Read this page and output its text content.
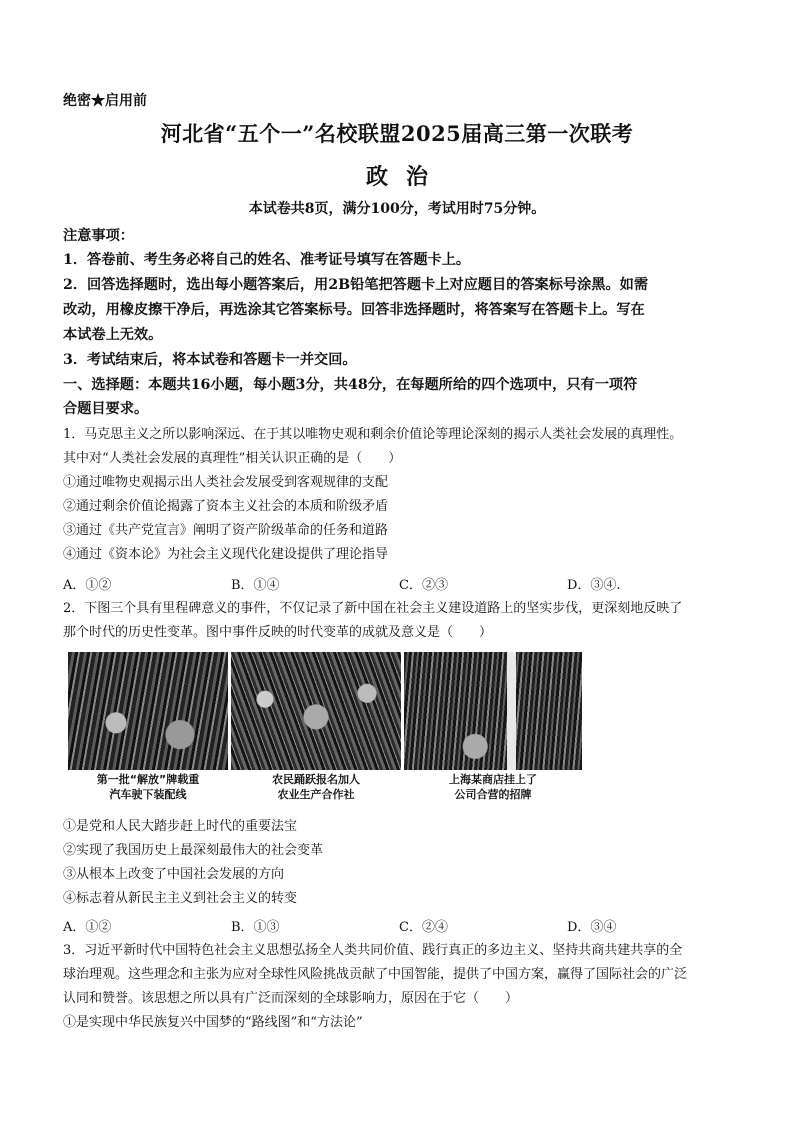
绝密★启用前
河北省“五个一”名校联盟2025届高三第一次联考
政治
本试卷共8页，满分100分，考试用时75分钟。
注意事项：
1．答卷前、考生务必将自己的姓名、准考证号填写在答题卡上。
2．回答选择题时，选出每小题答案后，用2B铅笔把答题卡上对应题目的答案标号涂黑。如需
改动，用橡皮擦干净后，再选涂其它答案标号。回答非选择题时，将答案写在答题卡上。写在
本试卷上无效。
3．考试结束后，将本试卷和答题卡一并交回。
一、选择题：本题共16小题，每小题3分，共48分，在每题所给的四个选项中，只有一项符
合题目要求。
1．马克思主义之所以影响深远、在于其以唯物史观和剩余价值论等理论深刻的揭示人类社会发展的真理性。
其中对“人类社会发展的真理性”相关认识正确的是（　　）
①通过唯物史观揭示出人类社会发展受到客观规律的支配
②通过剩余价值论揭露了资本主义社会的本质和阶级矛盾
③通过《共产党宣言》阐明了资产阶级革命的任务和道路
④通过《资本论》为社会主义现代化建设提供了理论指导
A．①②	B．①④	C．②③	D．③④.
2．下图三个具有里程碑意义的事件，不仅记录了新中国在社会主义建设道路上的坚实步伐，更深刻地反映了
那个时代的历史性变革。图中事件反映的时代变革的成就及意义是（　　）
第一批“解放”牌载重
汽车驶下装配线
农民踊跃报名加人
农业生产合作社
上海某商店挂上了
公司合营的招牌
①是党和人民大踏步赶上时代的重要法宝
②实现了我国历史上最深刻最伟大的社会变革
③从根本上改变了中国社会发展的方向
④标志着从新民主主义到社会主义的转变
A．①②	B．①③	C．②④	D．③④
3．习近平新时代中国特色社会主义思想弘扬全人类共同价值、践行真正的多边主义、坚持共商共建共享的全
球治理观。这些理念和主张为应对全球性风险挑战贡献了中国智能，提供了中国方案，赢得了国际社会的广泛
认同和赞誉。该思想之所以具有广泛而深刻的全球影响力，原因在于它（　　）
①是实现中华民族复兴中国梦的“路线图”和“方法论”
